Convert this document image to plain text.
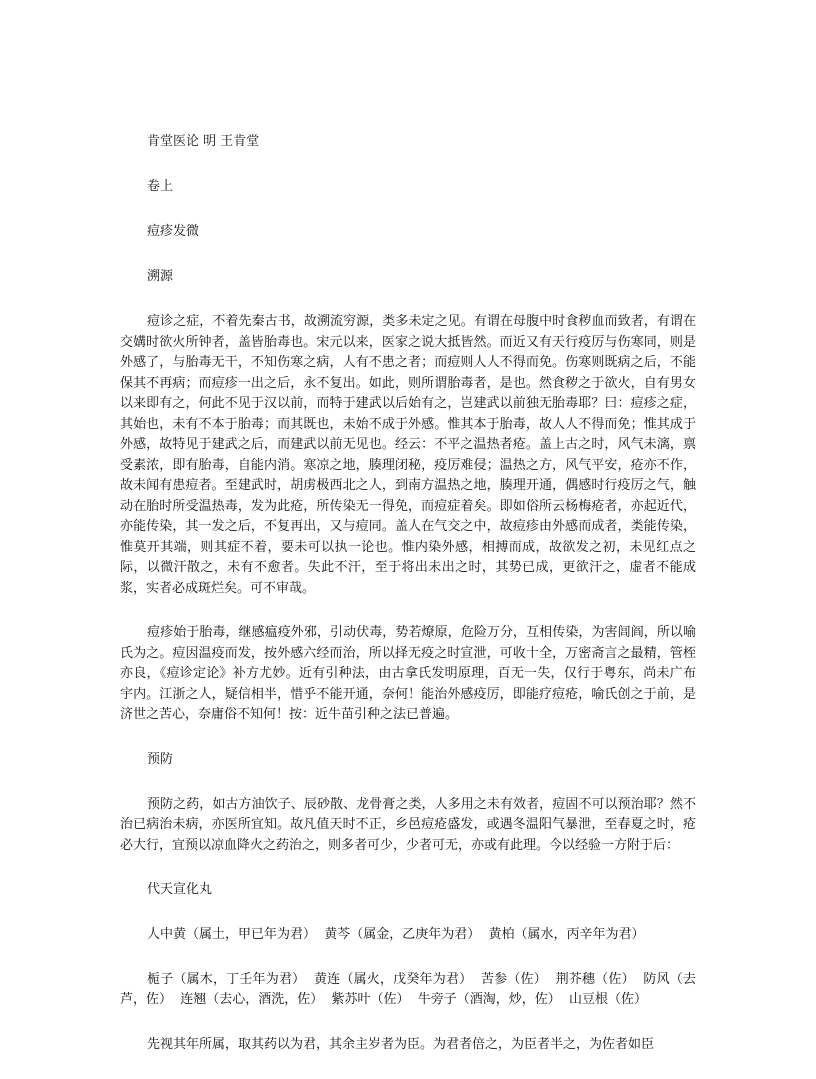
肯堂医论 明 王肯堂

卷上

痘疹发微

溯源

痘诊之症，不着先秦古书，故溯流穷源，类多未定之见。有谓在母腹中时食秽血而致者，有谓在交媾时欲火所钟者，盖皆胎毒也。宋元以来，医家之说大抵皆然。而近又有天行疫厉与伤寒同，则是外感了，与胎毒无干，不知伤寒之病，人有不患之者；而痘则人人不得而免。伤寒则既病之后，不能保其不再病；而痘疹一出之后，永不复出。如此，则所谓胎毒者，是也。然食秽之于欲火，自有男女以来即有之，何此不见于汉以前，而特于建武以后始有之，岂建武以前独无胎毒耶？曰：痘疹之症，其始也，未有不本于胎毒；而其既也，未始不成于外感。惟其本于胎毒，故人人不得而免；惟其成于外感，故特见于建武之后，而建武以前无见也。经云：不平之温热者疮。盖上古之时，风气未漓，禀受素浓，即有胎毒，自能内消。寒凉之地，腠理闭秘，疫厉难侵；温热之方，风气平安，疮亦不作，故未闻有患痘者。至建武时，胡虏极西北之人，到南方温热之地，腠理开通，偶感时行疫厉之气，触动在胎时所受温热毒，发为此疮，所传染无一得免，而痘症着矣。即如俗所云杨梅疮者，亦起近代，亦能传染，其一发之后，不复再出，又与痘同。盖人在气交之中，故痘疹由外感而成者，类能传染，惟莫开其端，则其症不着，要未可以执一论也。惟内染外感，相搏而成，故欲发之初，未见红点之际，以微汗散之，未有不愈者。失此不汗，至于将出未出之时，其势已成，更欲汗之，虚者不能成浆，实者必成斑烂矣。可不审哉。

痘疹始于胎毒，继感瘟疫外邪，引动伏毒，势若燎原，危险万分，互相传染，为害闾阎，所以喻氏为之。痘因温疫而发，按外感六经而治，所以择无疫之时宣泄，可收十全，万密斋言之最精，管桎亦良，《痘诊定论》补方尤妙。近有引种法，由古拿氏发明原理，百无一失，仅行于粤东，尚未广布宇内。江浙之人，疑信相半，惜乎不能开通，奈何！能治外感疫厉，即能疗痘疮，喻氏创之于前，是济世之苦心，奈庸俗不知何！按：近牛苗引种之法已普遍。

预防

预防之药，如古方油饮子、辰砂散、龙骨膏之类，人多用之未有效者，痘固不可以预治耶？然不治已病治未病，亦医所宜知。故凡值天时不正，乡邑痘疮盛发，或遇冬温阳气暴泄，至春夏之时，疮必大行，宜预以凉血降火之药治之，则多者可少，少者可无，亦或有此理。今以经验一方附于后：

代天宣化丸

人中黄（属土，甲已年为君）  黄芩（属金，乙庚年为君）  黄柏（属水，丙辛年为君）

栀子（属木，丁壬年为君）  黄连（属火，戊癸年为君）  苦参（佐）  荆芥穗（佐）  防风（去芦，佐）  连翘（去心，酒洗，佐）  紫苏叶（佐）  牛旁子（酒淘，炒，佐）  山豆根（佐）

先视其年所属，取其药以为君，其余主岁者为臣。为君者倍之，为臣者半之，为佐者如臣
